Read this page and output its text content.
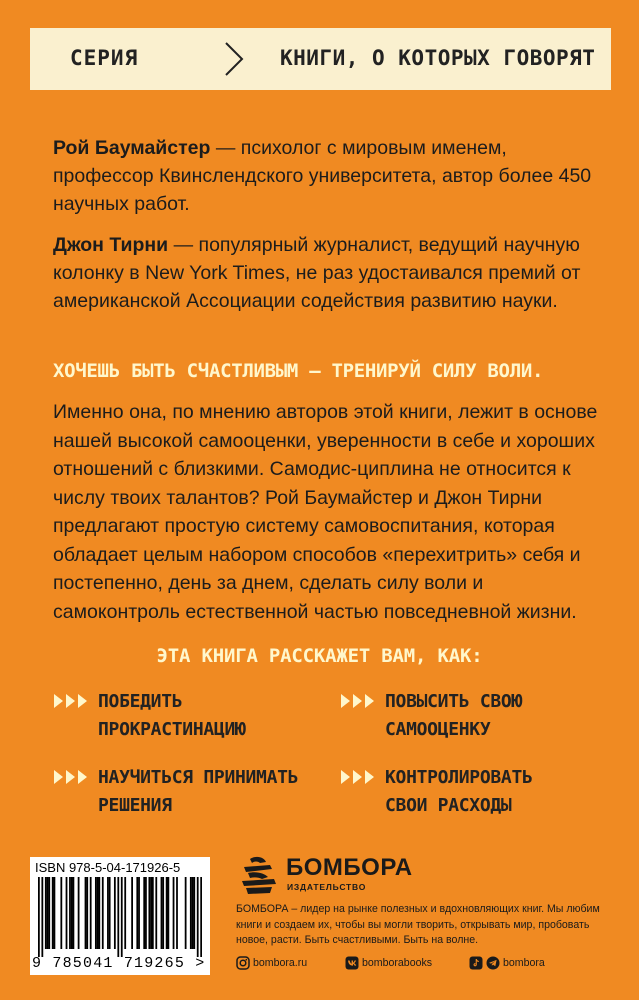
СЕРИЯ	КНИГИ, О КОТОРЫХ ГОВОРЯТ

Рой Баумайстер — психолог с мировым именем, профессор Квинслендского университета, автор более 450 научных работ.

Джон Тирни — популярный журналист, ведущий научную колонку в New York Times, не раз удостаивался премий от американской Ассоциации содействия развитию науки.

ХОЧЕШЬ БЫТЬ СЧАСТЛИВЫМ — ТРЕНИРУЙ СИЛУ ВОЛИ.

Именно она, по мнению авторов этой книги, лежит в основе нашей высокой самооценки, уверенности в себе и хороших отношений с близкими. Самодис-циплина не относится к числу твоих талантов? Рой Баумайстер и Джон Тирни предлагают простую систему самовоспитания, которая обладает целым набором способов «перехитрить» себя и постепенно, день за днем, сделать силу воли и самоконтроль естественной частью повседневной жизни.

ЭТА КНИГА РАССКАЖЕТ ВАМ, КАК:
ПОБЕДИТЬ
ПРОКРАСТИНАЦИЮ
ПОВЫСИТЬ СВОЮ
САМООЦЕНКУ
НАУЧИТЬСЯ ПРИНИМАТЬ
РЕШЕНИЯ
КОНТРОЛИРОВАТЬ
СВОИ РАСХОДЫ
ISBN 978-5-04-171926-5
9 785041 719265 >
БОМБОРА
ИЗДАТЕЛЬСТВО

БОМБОРА – лидер на рынке полезных и вдохновляющих книг. Мы любим книги и создаем их, чтобы вы могли творить, открывать мир, пробовать новое, расти. Быть счастливыми. Быть на волне.

bombora.ru	bomborabooks	bombora
